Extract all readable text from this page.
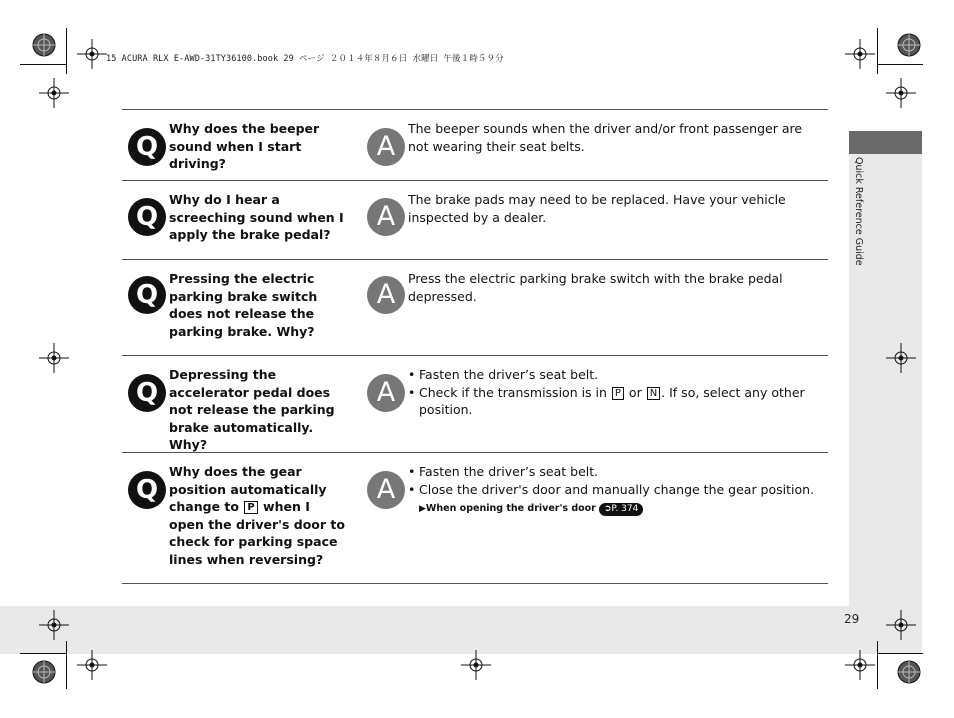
15 ACURA RLX E-AWD-31TY36100.book 29 ページ ２０１４年８月６日 水曜日 午後１時５９分
Quick Reference Guide
29
Q
Why does the beeper sound when I start driving?
A
The beeper sounds when the driver and/or front passenger are not wearing their seat belts.
Q
Why do I hear a screeching sound when I apply the brake pedal?
A
The brake pads may need to be replaced. Have your vehicle inspected by a dealer.
Q
Pressing the electric parking brake switch does not release the parking brake. Why?
A
Press the electric parking brake switch with the brake pedal depressed.
Q
Depressing the accelerator pedal does not release the parking brake automatically. Why?
A
• Fasten the driver’s seat belt.
• Check if the transmission is in P or N . If so, select any other position.
Q
Why does the gear position automatically change to P when I open the driver's door to check for parking space lines when reversing?
A
• Fasten the driver’s seat belt.
• Close the driver's door and manually change the gear position.
▶When opening the driver's door ➲P. 374
